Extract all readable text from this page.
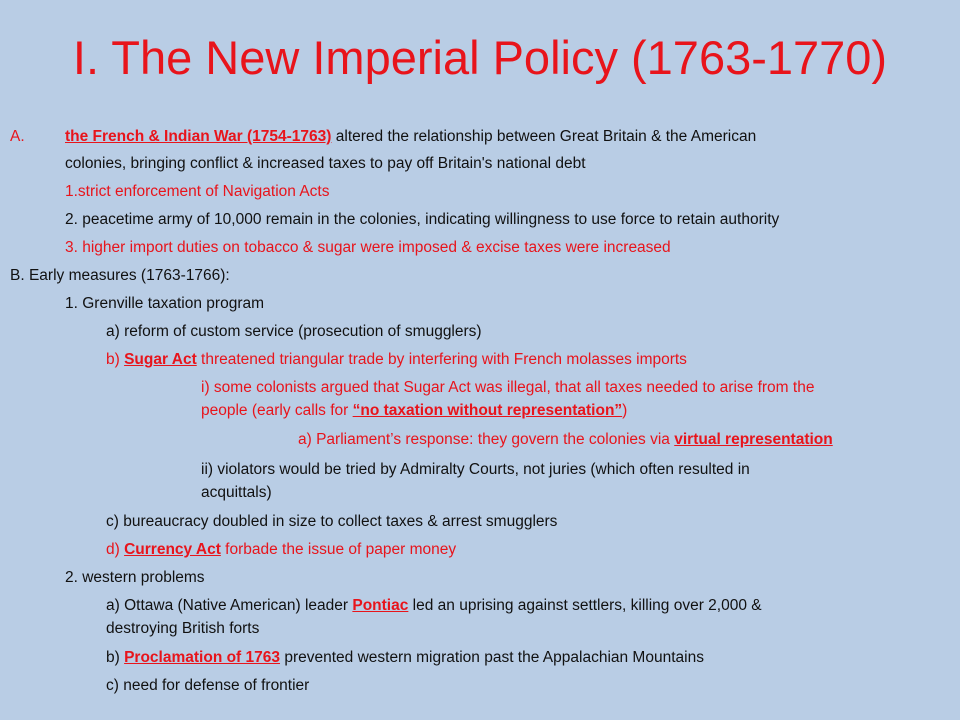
I. The New Imperial Policy (1763-1770)
A.	the French & Indian War (1754-1763) altered the relationship between Great Britain & the American
colonies, bringing conflict & increased taxes to pay off Britain's national debt
1.strict enforcement of Navigation Acts
2. peacetime army of 10,000 remain in the colonies, indicating willingness to use force to retain authority
3. higher import duties on tobacco & sugar were imposed & excise taxes were increased
B. Early measures (1763-1766):
1. Grenville taxation program
a) reform of custom service (prosecution of smugglers)
b) Sugar Act threatened triangular trade by interfering with French molasses imports
i) some colonists argued that Sugar Act was illegal, that all taxes needed to arise from the
people (early calls for “no taxation without representation”)
a) Parliament’s response: they govern the colonies via virtual representation
ii) violators would be tried by Admiralty Courts, not juries (which often resulted in
acquittals)
c) bureaucracy doubled in size to collect taxes & arrest smugglers
d) Currency Act forbade the issue of paper money
2. western problems
a) Ottawa (Native American) leader Pontiac led an uprising against settlers, killing over 2,000 &
destroying British forts
b) Proclamation of 1763 prevented western migration past the Appalachian Mountains
c) need for defense of frontier
